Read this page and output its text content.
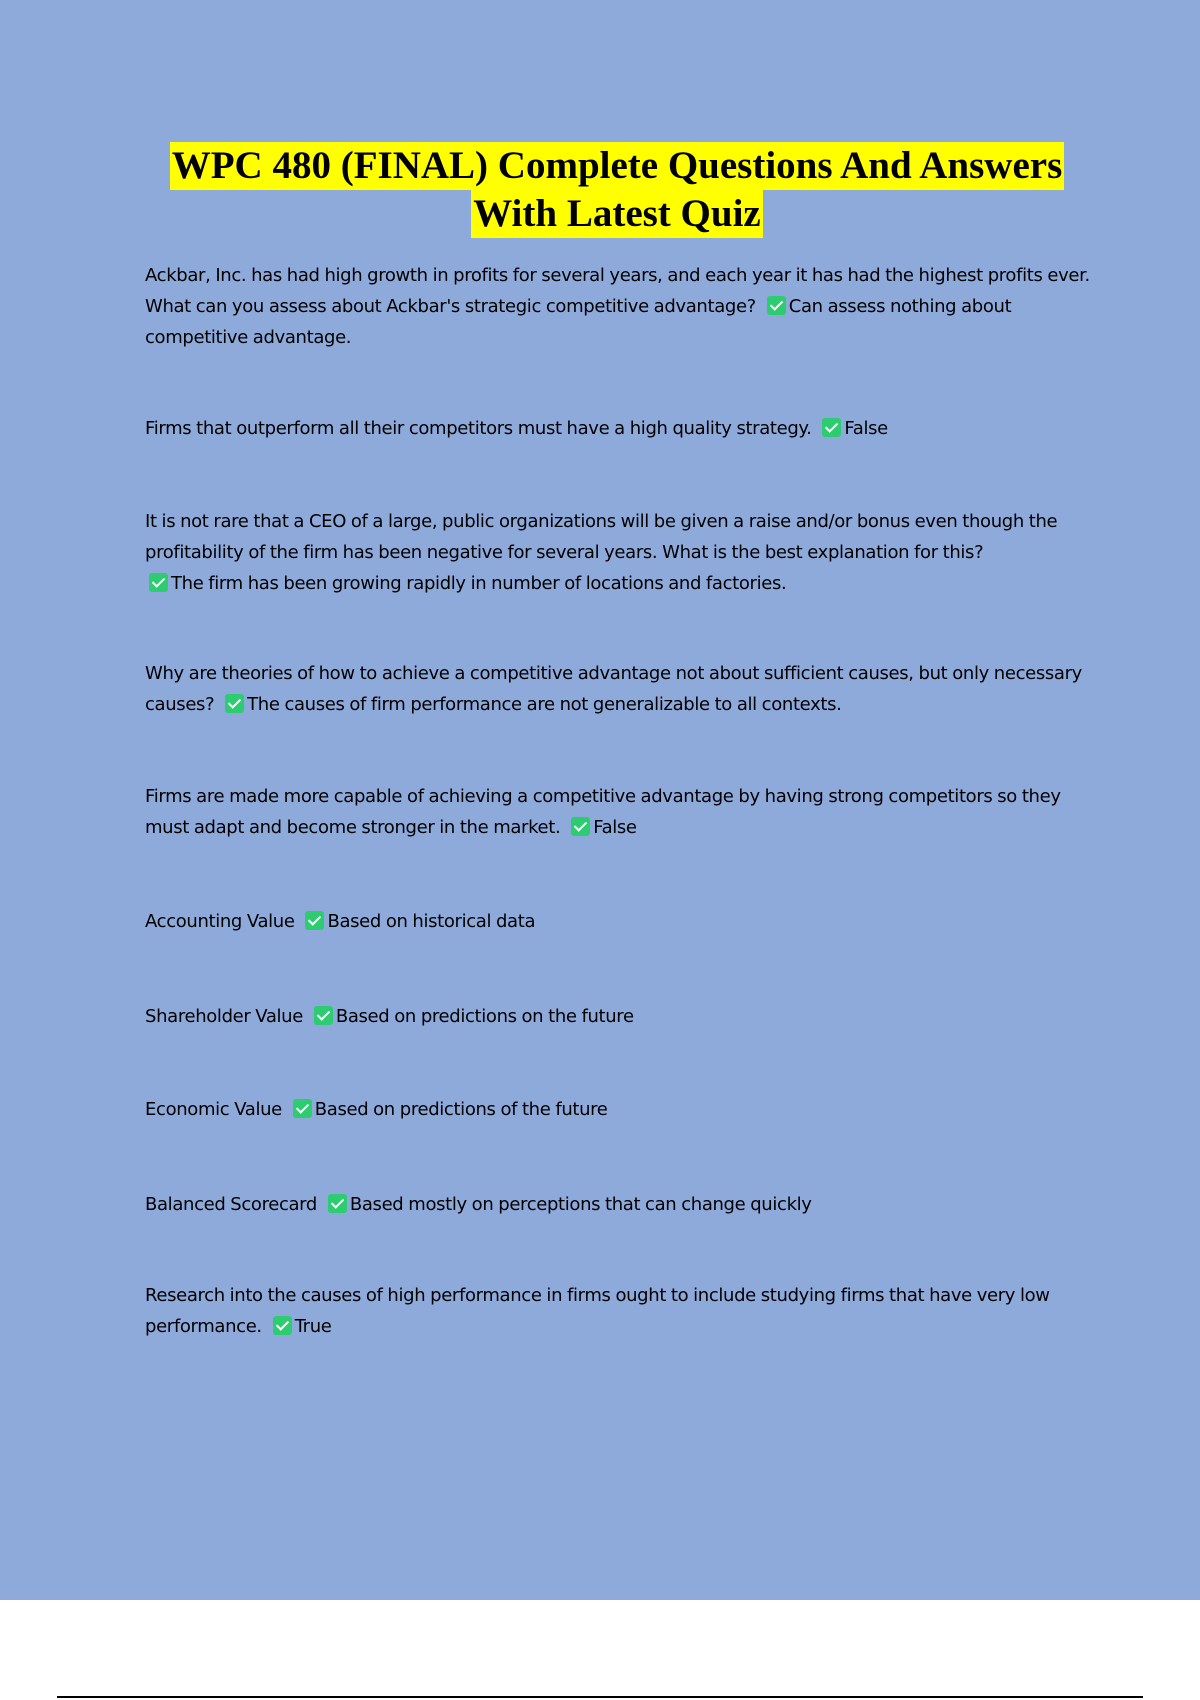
WPC 480 (FINAL) Complete Questions And Answers
With Latest Quiz

Ackbar, Inc. has had high growth in profits for several years, and each year it has had the highest profits ever. What can you assess about Ackbar's strategic competitive advantage? Can assess nothing about competitive advantage.

Firms that outperform all their competitors must have a high quality strategy. False

It is not rare that a CEO of a large, public organizations will be given a raise and/or bonus even though the profitability of the firm has been negative for several years. What is the best explanation for this?
The firm has been growing rapidly in number of locations and factories.

Why are theories of how to achieve a competitive advantage not about sufficient causes, but only necessary causes? The causes of firm performance are not generalizable to all contexts.

Firms are made more capable of achieving a competitive advantage by having strong competitors so they must adapt and become stronger in the market. False

Accounting Value Based on historical data

Shareholder Value Based on predictions on the future

Economic Value Based on predictions of the future

Balanced Scorecard Based mostly on perceptions that can change quickly

Research into the causes of high performance in firms ought to include studying firms that have very low performance. True
